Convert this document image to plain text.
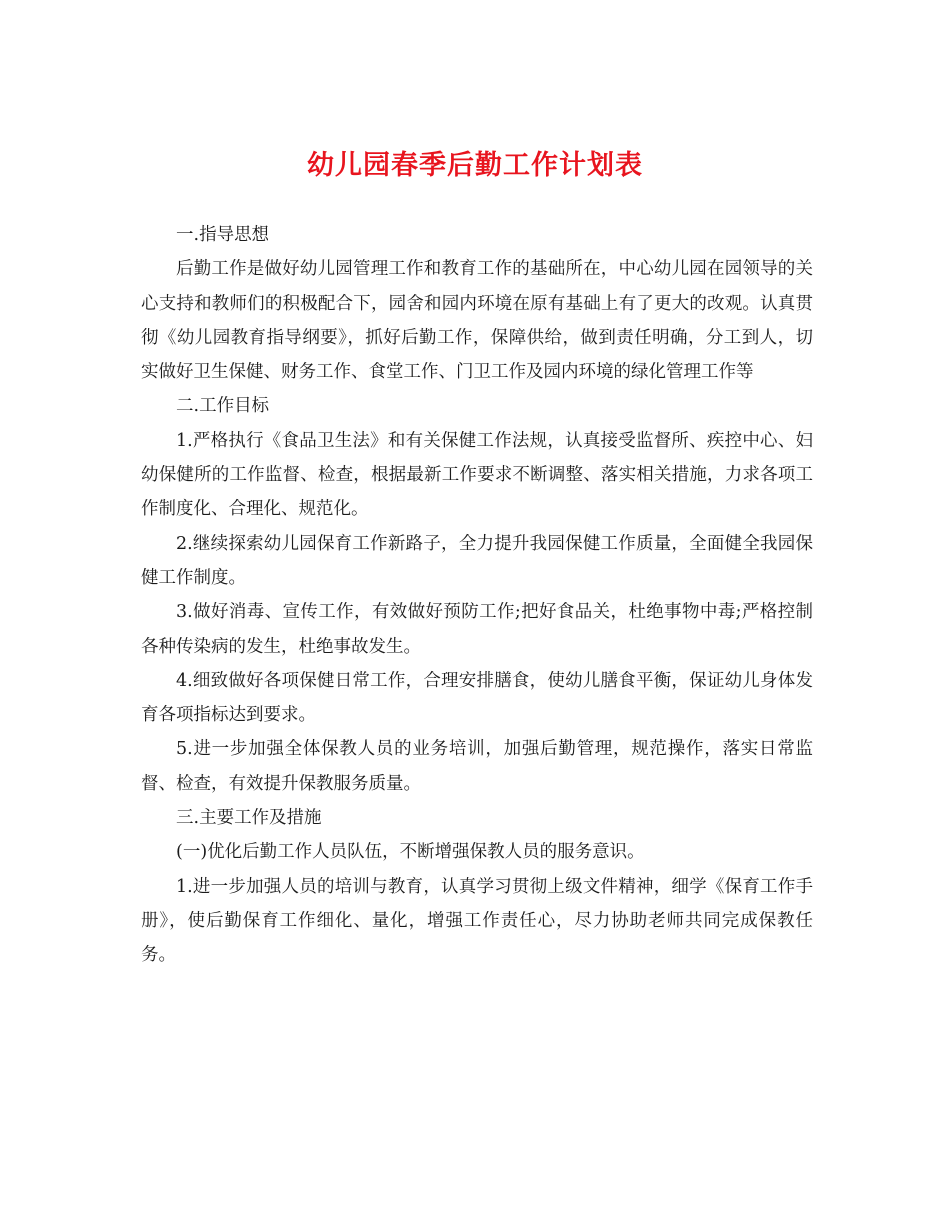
幼儿园春季后勤工作计划表

一.指导思想

后勤工作是做好幼儿园管理工作和教育工作的基础所在，中心幼儿园在园领导的关心支持和教师们的积极配合下，园舍和园内环境在原有基础上有了更大的改观。认真贯彻《幼儿园教育指导纲要》，抓好后勤工作，保障供给，做到责任明确，分工到人，切实做好卫生保健、财务工作、食堂工作、门卫工作及园内环境的绿化管理工作等

二.工作目标

1.严格执行《食品卫生法》和有关保健工作法规，认真接受监督所、疾控中心、妇幼保健所的工作监督、检查，根据最新工作要求不断调整、落实相关措施，力求各项工作制度化、合理化、规范化。

2.继续探索幼儿园保育工作新路子，全力提升我园保健工作质量，全面健全我园保健工作制度。

3.做好消毒、宣传工作，有效做好预防工作;把好食品关，杜绝事物中毒;严格控制各种传染病的发生，杜绝事故发生。

4.细致做好各项保健日常工作，合理安排膳食，使幼儿膳食平衡，保证幼儿身体发育各项指标达到要求。

5.进一步加强全体保教人员的业务培训，加强后勤管理，规范操作，落实日常监督、检查，有效提升保教服务质量。

三.主要工作及措施

(一)优化后勤工作人员队伍，不断增强保教人员的服务意识。

1.进一步加强人员的培训与教育，认真学习贯彻上级文件精神，细学《保育工作手册》，使后勤保育工作细化、量化，增强工作责任心，尽力协助老师共同完成保教任务。
